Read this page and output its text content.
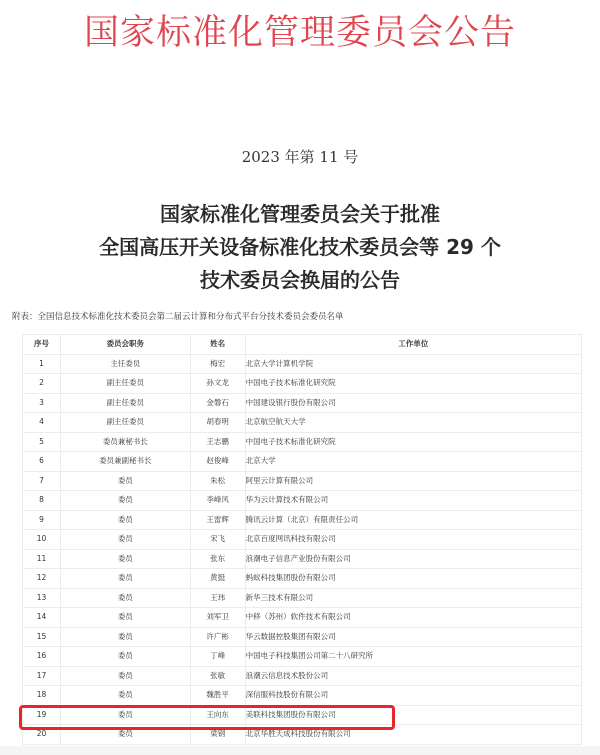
国家标准化管理委员会公告
2023 年第 11 号
国家标准化管理委员会关于批准
全国高压开关设备标准化技术委员会等 29 个
技术委员会换届的公告
附表：全国信息技术标准化技术委员会第二届云计算和分布式平台分技术委员会委员名单
序号	委员会职务	姓名	工作单位
1	主任委员	梅宏	北京大学计算机学院
2	副主任委员	孙文龙	中国电子技术标准化研究院
3	副主任委员	金磐石	中国建设银行股份有限公司
4	副主任委员	胡春明	北京航空航天大学
5	委员兼秘书长	王志鹏	中国电子技术标准化研究院
6	委员兼副秘书长	赵俊峰	北京大学
7	委员	朱松	阿里云计算有限公司
8	委员	李峰风	华为云计算技术有限公司
9	委员	王雷辉	腾讯云计算（北京）有限责任公司
10	委员	宋飞	北京百度网讯科技有限公司
11	委员	张东	浪潮电子信息产业股份有限公司
12	委员	黄挺	蚂蚁科技集团股份有限公司
13	委员	王玮	新华三技术有限公司
14	委员	刘军卫	中移（苏州）软件技术有限公司
15	委员	许广彬	华云数据控股集团有限公司
16	委员	丁峰	中国电子科技集团公司第二十八研究所
17	委员	张敏	浪潮云信息技术股份公司
18	委员	魏胜平	深信服科技股份有限公司
19	委员	王向东	美联科技集团股份有限公司
20	委员	梁钢	北京华胜天成科技股份有限公司
